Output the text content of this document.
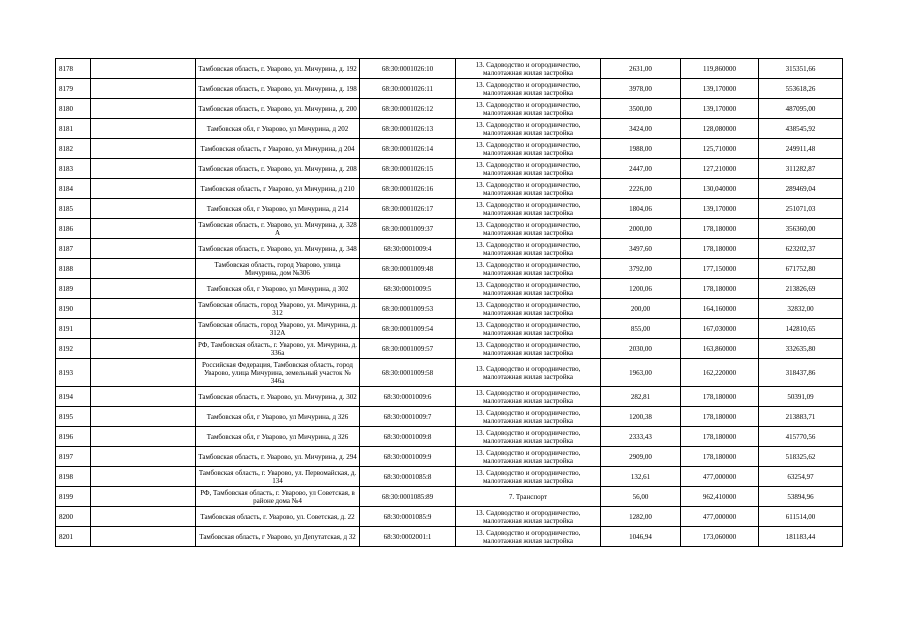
8178		Тамбовская область, г. Уварово, ул. Мичурина, д. 192	68:30:0001026:10	13. Садоводство и огородничество, малоэтажная жилая застройка	2631,00	119,860000	315351,66
8179		Тамбовская область, г. Уварово, ул. Мичурина, д. 198	68:30:0001026:11	13. Садоводство и огородничество, малоэтажная жилая застройка	3978,00	139,170000	553618,26
8180		Тамбовская область, г. Уварово, ул. Мичурина, д. 200	68:30:0001026:12	13. Садоводство и огородничество, малоэтажная жилая застройка	3500,00	139,170000	487095,00
8181		Тамбовская обл, г Уварово, ул Мичурина, д 202	68:30:0001026:13	13. Садоводство и огородничество, малоэтажная жилая застройка	3424,00	128,080000	438545,92
8182		Тамбовская область, г Уварово, ул Мичурина, д 204	68:30:0001026:14	13. Садоводство и огородничество, малоэтажная жилая застройка	1988,00	125,710000	249911,48
8183		Тамбовская область, г. Уварово, ул. Мичурина, д. 208	68:30:0001026:15	13. Садоводство и огородничество, малоэтажная жилая застройка	2447,00	127,210000	311282,87
8184		Тамбовская область, г Уварово, ул Мичурина, д 210	68:30:0001026:16	13. Садоводство и огородничество, малоэтажная жилая застройка	2226,00	130,040000	289469,04
8185		Тамбовская обл, г Уварово, ул Мичурина, д 214	68:30:0001026:17	13. Садоводство и огородничество, малоэтажная жилая застройка	1804,06	139,170000	251071,03
8186		Тамбовская область, г. Уварово, ул. Мичурина, д. 328 А	68:30:0001009:37	13. Садоводство и огородничество, малоэтажная жилая застройка	2000,00	178,180000	356360,00
8187		Тамбовская область, г. Уварово, ул. Мичурина, д. 348	68:30:0001009:4	13. Садоводство и огородничество, малоэтажная жилая застройка	3497,60	178,180000	623202,37
8188		Тамбовская область, город Уварово, улица Мичурина, дом №306	68:30:0001009:48	13. Садоводство и огородничество, малоэтажная жилая застройка	3792,00	177,150000	671752,80
8189		Тамбовская обл, г Уварово, ул Мичурина, д 302	68:30:0001009:5	13. Садоводство и огородничество, малоэтажная жилая застройка	1200,06	178,180000	213826,69
8190		Тамбовская область, город Уварово, ул. Мичурина, д. 312	68:30:0001009:53	13. Садоводство и огородничество, малоэтажная жилая застройка	200,00	164,160000	32832,00
8191		Тамбовская область, город Уварово, ул. Мичурина, д. 312А	68:30:0001009:54	13. Садоводство и огородничество, малоэтажная жилая застройка	855,00	167,030000	142810,65
8192		РФ, Тамбовская область, г. Уварово, ул. Мичурина, д. 336а	68:30:0001009:57	13. Садоводство и огородничество, малоэтажная жилая застройка	2030,00	163,860000	332635,80
8193		Российская Федерация, Тамбовская область, город Уварово, улица Мичурина, земельный участок № 346а	68:30:0001009:58	13. Садоводство и огородничество, малоэтажная жилая застройка	1963,00	162,220000	318437,86
8194		Тамбовская область, г. Уварово, ул. Мичурина, д. 302	68:30:0001009:6	13. Садоводство и огородничество, малоэтажная жилая застройка	282,81	178,180000	50391,09
8195		Тамбовская обл, г Уварово, ул Мичурина, д 326	68:30:0001009:7	13. Садоводство и огородничество, малоэтажная жилая застройка	1200,38	178,180000	213883,71
8196		Тамбовская обл, г Уварово, ул Мичурина, д 326	68:30:0001009:8	13. Садоводство и огородничество, малоэтажная жилая застройка	2333,43	178,180000	415770,56
8197		Тамбовская область, г. Уварово, ул. Мичурина, д. 294	68:30:0001009:9	13. Садоводство и огородничество, малоэтажная жилая застройка	2909,00	178,180000	518325,62
8198		Тамбовская область, г. Уварово, ул. Первомайская, д. 134	68:30:0001085:8	13. Садоводство и огородничество, малоэтажная жилая застройка	132,61	477,000000	63254,97
8199		РФ, Тамбовская область, г. Уварово, ул Советская, в районе дома №4	68:30:0001085:89	7. Транспорт	56,00	962,410000	53894,96
8200		Тамбовская область, г. Уварово, ул. Советская, д. 22	68:30:0001085:9	13. Садоводство и огородничество, малоэтажная жилая застройка	1282,00	477,000000	611514,00
8201		Тамбовская область, г Уварово, ул Депутатская, д 32	68:30:0002001:1	13. Садоводство и огородничество, малоэтажная жилая застройка	1046,94	173,060000	181183,44
